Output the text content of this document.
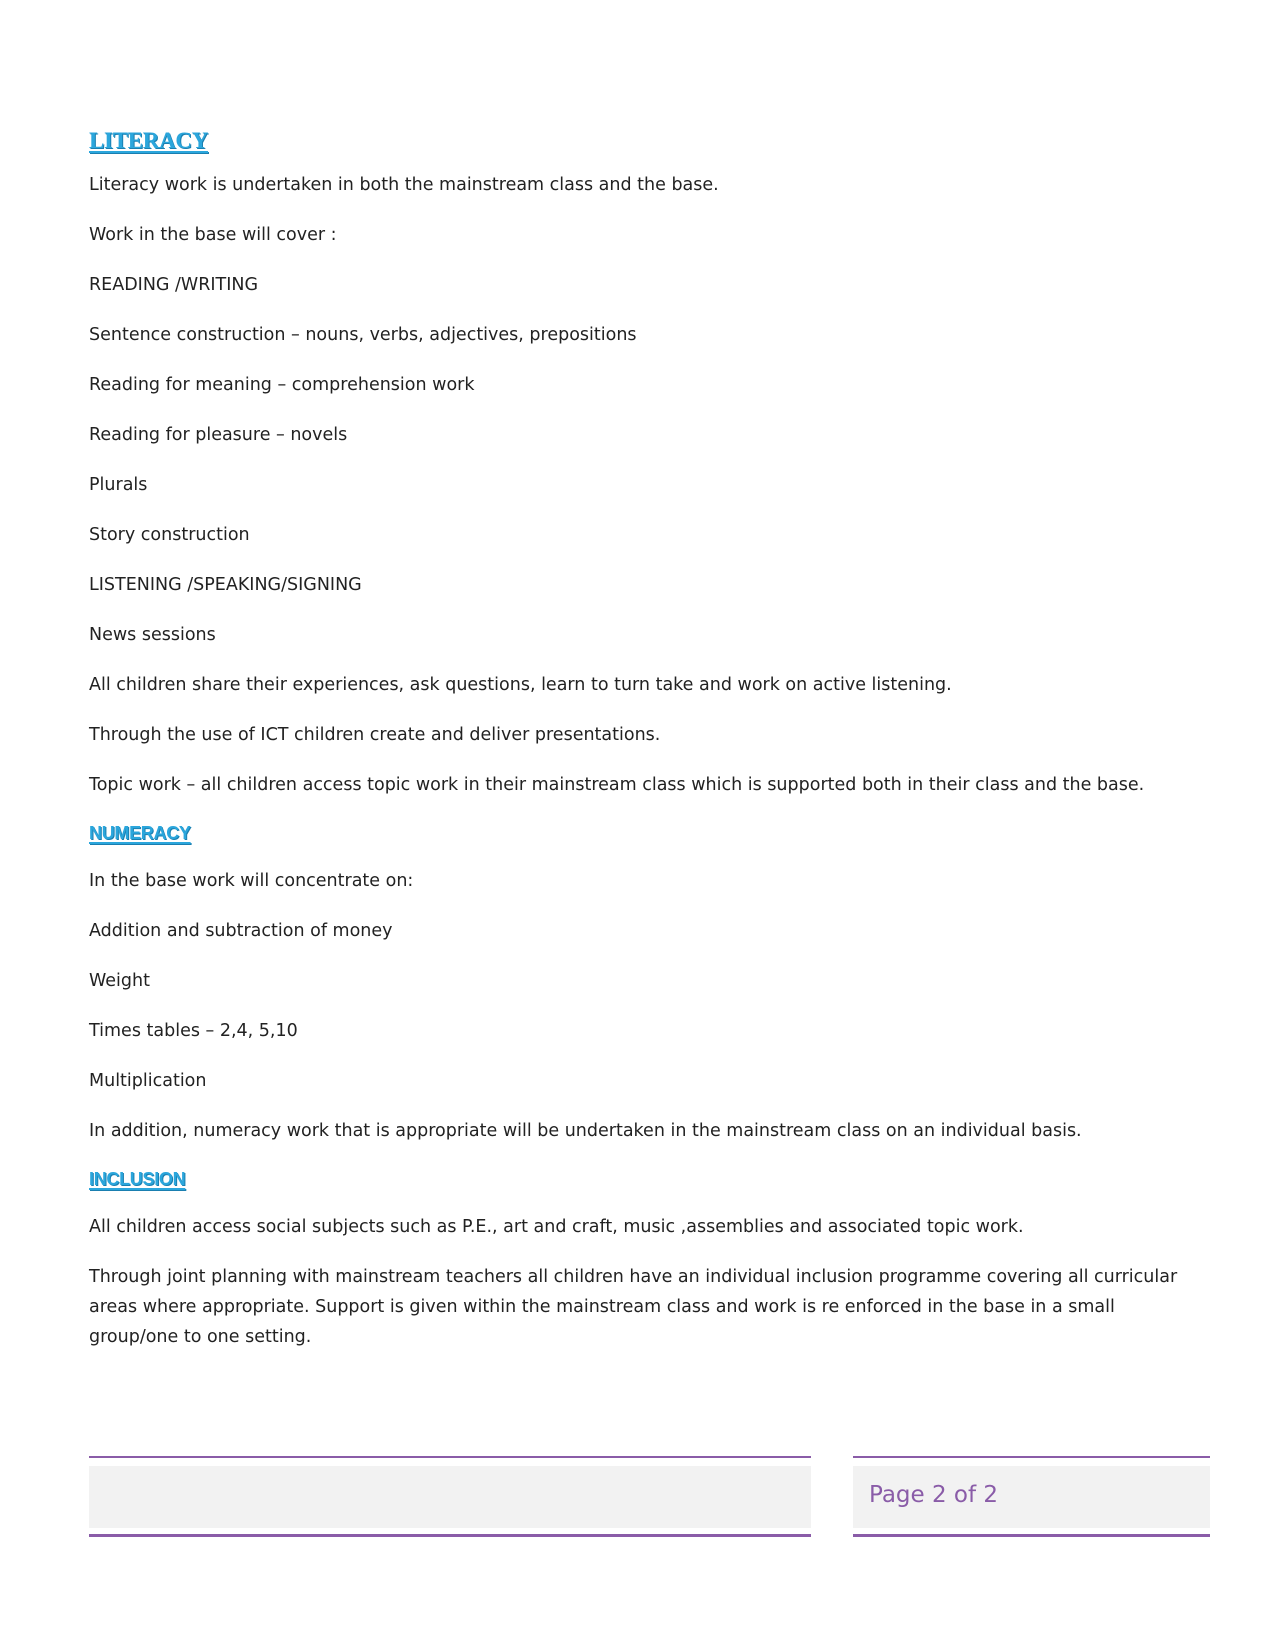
LITERACY

Literacy work is undertaken in both the mainstream class and the base.

Work in the base will cover :

READING /WRITING

Sentence construction – nouns, verbs, adjectives, prepositions

Reading for meaning – comprehension work

Reading for pleasure – novels

Plurals

Story construction

LISTENING /SPEAKING/SIGNING

News sessions

All children share their experiences, ask questions, learn to turn take and work on active listening.

Through the use of ICT children create and deliver presentations.

Topic work – all children access topic work in their mainstream class which is supported both in their class and the base.

NUMERACY

In the base work will concentrate on:

Addition and subtraction of money

Weight

Times tables – 2,4, 5,10

Multiplication

In addition, numeracy work that is appropriate will be undertaken in the mainstream class on an individual basis.

INCLUSION

All children access social subjects such as P.E., art and craft, music ,assemblies and associated topic work.

Through joint planning with mainstream teachers all children have an individual inclusion programme covering all curricular areas where appropriate. Support is given within the mainstream class and work is re enforced in the base in a small group/one to one setting.

Page 2 of 2
